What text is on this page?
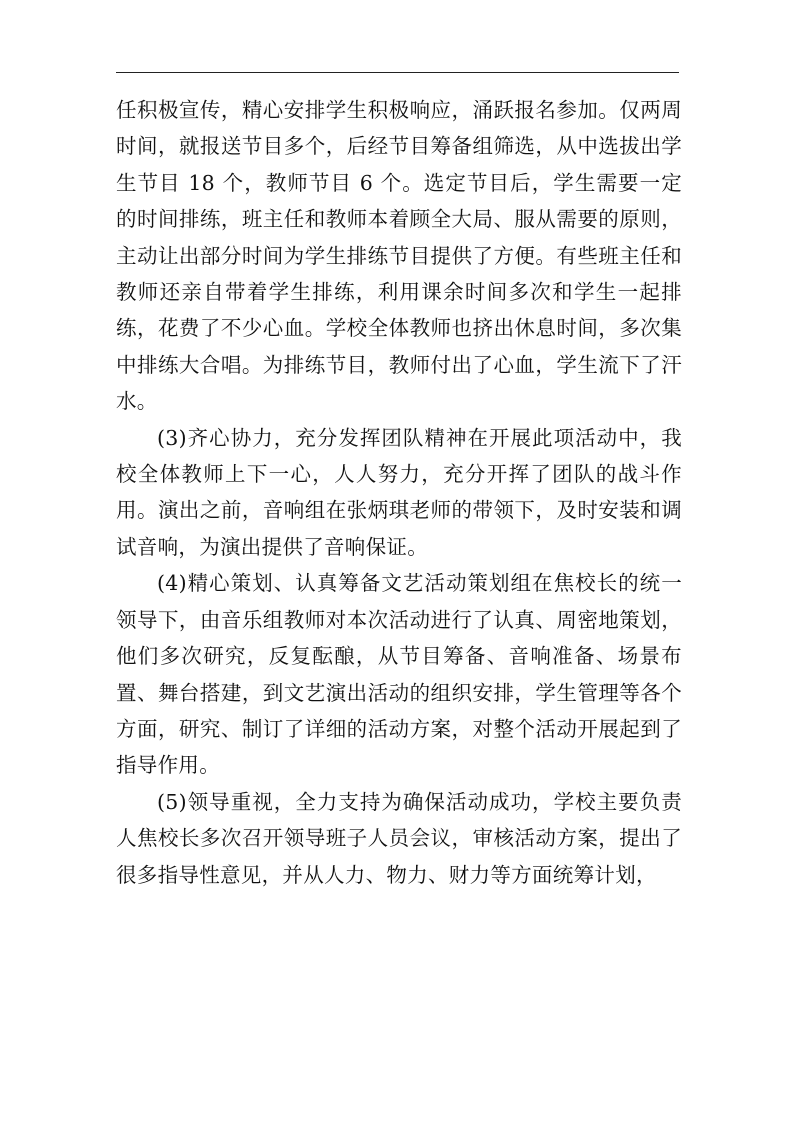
任积极宣传，精心安排学生积极响应，涌跃报名参加。仅两周时间，就报送节目多个，后经节目筹备组筛选，从中选拔出学生节目 18 个，教师节目 6 个。选定节目后，学生需要一定的时间排练，班主任和教师本着顾全大局、服从需要的原则，主动让出部分时间为学生排练节目提供了方便。有些班主任和教师还亲自带着学生排练，利用课余时间多次和学生一起排练，花费了不少心血。学校全体教师也挤出休息时间，多次集中排练大合唱。为排练节目，教师付出了心血，学生流下了汗水。

(3)齐心协力，充分发挥团队精神在开展此项活动中，我校全体教师上下一心，人人努力，充分开挥了团队的战斗作用。演出之前，音响组在张炳琪老师的带领下，及时安装和调试音响，为演出提供了音响保证。

(4)精心策划、认真筹备文艺活动策划组在焦校长的统一领导下，由音乐组教师对本次活动进行了认真、周密地策划，他们多次研究，反复酝酿，从节目筹备、音响准备、场景布置、舞台搭建，到文艺演出活动的组织安排，学生管理等各个方面，研究、制订了详细的活动方案，对整个活动开展起到了指导作用。

(5)领导重视，全力支持为确保活动成功，学校主要负责人焦校长多次召开领导班子人员会议，审核活动方案，提出了很多指导性意见，并从人力、物力、财力等方面统筹计划，
